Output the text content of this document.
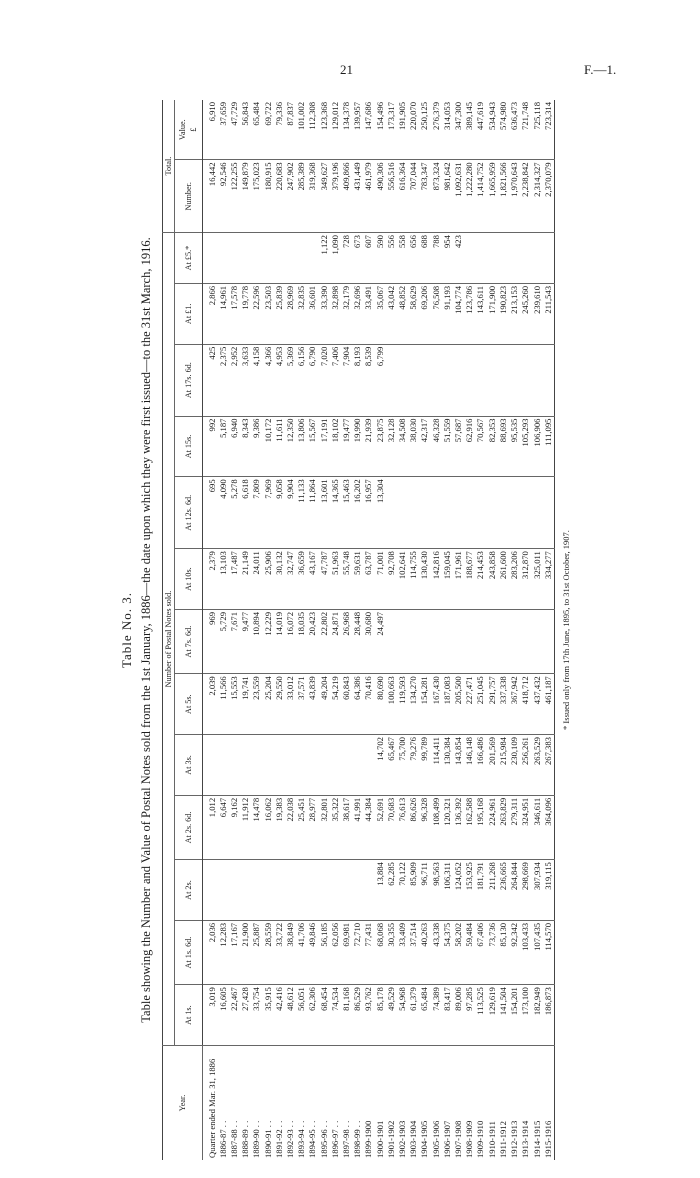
21	F.—1.
Table No. 3. Table showing the Number and Value of Postal Notes sold from the 1st January, 1886—the date upon which they were first issued—to the 31st March, 1916.
Year.	Number of Postal Notes sold.													Total.	
	At 1s.	At 1s. 6d.	At 2s.	At 2s. 6d.	At 3s.	At 5s.	At 7s. 6d.	At 10s.	At 12s. 6d.	At 15s.	At 17s. 6d.	At £1.	At £5.*	Number.	Value. £

Quarter ended Mar. 31, 1886	3,019	2,036		1,012		2,039	969	2,379	695	992	425	2,866		16,442	6,910
1886-87 . .	16,605	12,283		6,647		11,566	5,729	13,103	4,090	5,187	2,375	14,961		92,546	37,659
1887-88 . .	22,467	17,167		9,162		15,553	7,671	17,487	5,278	6,940	2,952	17,578		122,255	47,729
1888-89 . .	27,428	21,900		11,912		19,741	9,477	21,149	6,618	8,343	3,633	19,778		149,879	56,843
1889-90 . .	33,754	25,887		14,478		23,559	10,894	24,011	7,809	9,386	4,158	22,596		175,023	65,484
1890-91 . .	35,915	28,559		16,062		25,204	12,229	25,906	7,969	10,172	4,366	23,503		180,915	69,722
1891-92 . .	42,416	33,722		19,383		29,550	14,019	30,132	9,058	11,611	4,953	25,839		220,683	79,336
1892-93 . .	48,612	38,849		22,038		33,012	16,072	32,747	9,904	12,350	5,369	28,969		247,902	87,837
1893-94 . .	56,051	41,706		25,451		37,571	18,035	36,659	11,133	13,806	6,156	32,835		285,389	101,002
1894-95 . .	62,306	49,846		28,977		43,839	20,423	43,167	11,864	15,567	6,790	36,601		319,368	112,308
1895-96 . .	68,454	56,185		32,801		49,204	22,802	47,787	13,601	17,191	7,020	33,390	1,122	349,627	123,368
1896-97 . .	74,534	62,056		35,322		54,219	24,871	51,963	14,365	18,102	7,406	32,898	1,090	379,196	129,012
1897-98 . .	81,168	69,981		38,617		60,843	26,968	55,748	15,463	19,477	7,904	32,179	728	409,866	134,378
1898-99 . .	86,529	72,710		41,991		64,386	28,448	59,631	16,202	19,990	8,193	32,696	673	431,449	139,957
1899-1900	93,762	77,431		44,384		70,416	30,680	63,787	16,957	21,939	8,539	33,491	607	461,979	147,686
1900-1901	85,178	68,068	13,884	52,691	14,702	80,690	24,497	71,001	13,304	23,875	6,799	35,067	590	490,306	154,496
1901-1902	49,529	30,355	62,285	70,683	65,467	100,663		92,708		32,128		43,042	556	556,516	173,317
1902-1903	54,968	33,409	70,122	76,613	75,700	119,593		102,641		34,508		48,852	558	616,364	191,905
1903-1904	61,379	37,514	85,909	86,626	79,276	134,270		114,755		38,030		58,629	656	707,044	220,070
1904-1905	65,484	40,263	96,711	96,328	99,789	154,281		130,430		42,317		69,206	688	783,347	250,125
1905-1906	74,389	43,338	98,563	108,499	114,411	167,430		142,816		46,328		76,508	788	873,324	276,379
1906-1907	83,417	54,375	106,311	120,321	130,384	187,083		159,045		51,559		91,193	954	981,642	314,053
1907-1908	89,006	58,202	124,052	136,392	143,854	205,500		171,961		57,687		104,774	423	1,092,631	347,300
1908-1909	97,285	59,484	153,925	162,588	146,148	227,471		188,677		62,916		123,786		1,222,280	389,145
1909-1910	113,525	67,406	181,791	195,168	166,486	251,045		214,453		70,567		143,611		1,414,752	447,619
1910-1911	129,619	73,736	211,268	224,961	201,569	291,757		243,858		82,353		171,900		1,665,959	534,943
1911-1912	141,504	85,130	236,665	263,829	215,984	337,338		261,600		88,693		190,823		1,821,566	574,980
1912-1913	154,201	92,342	264,844	279,311	230,109	367,942		283,206		95,535		213,153		1,970,643	636,473
1913-1914	173,100	103,433	298,669	324,951	256,261	418,712		312,870		105,293		245,260		2,238,842	721,748
1914-1915	182,949	107,435	307,934	346,611	263,529	437,432		325,011		106,906		239,610		2,314,327	725,118
1915-1916	186,873	114,570	319,115	364,096	267,383	461,187		334,277		111,095		211,543		2,370,079	723,314
* Issued only from 17th June, 1895, to 31st October, 1907.
